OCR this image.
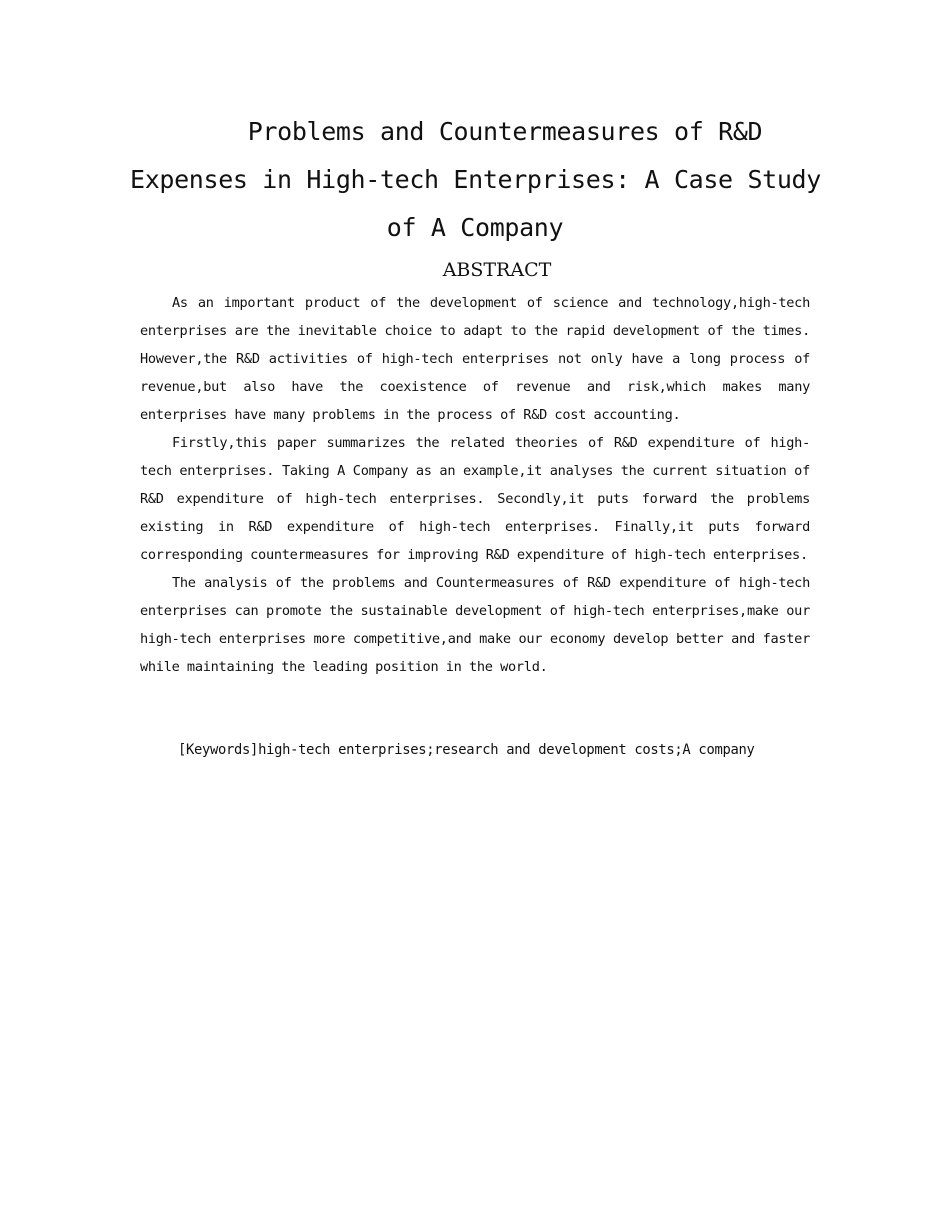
Problems and Countermeasures of R&D
Expenses in High-tech Enterprises: A Case Study
of A Company
ABSTRACT

As an important product of the development of science and technology,high-tech enterprises are the inevitable choice to adapt to the rapid development of the times. However,the R&D activities of high-tech enterprises not only have a long process of revenue,but also have the coexistence of revenue and risk,which makes many enterprises have many problems in the process of R&D cost accounting.

Firstly,this paper summarizes the related theories of R&D expenditure of high-tech enterprises. Taking A Company as an example,it analyses the current situation of R&D expenditure of high-tech enterprises. Secondly,it puts forward the problems existing in R&D expenditure of high-tech enterprises. Finally,it puts forward corresponding countermeasures for improving R&D expenditure of high-tech enterprises.

The analysis of the problems and Countermeasures of R&D expenditure of high-tech enterprises can promote the sustainable development of high-tech enterprises,make our high-tech enterprises more competitive,and make our economy develop better and faster while maintaining the leading position in the world.

[Keywords]high-tech enterprises;research and development costs;A company
